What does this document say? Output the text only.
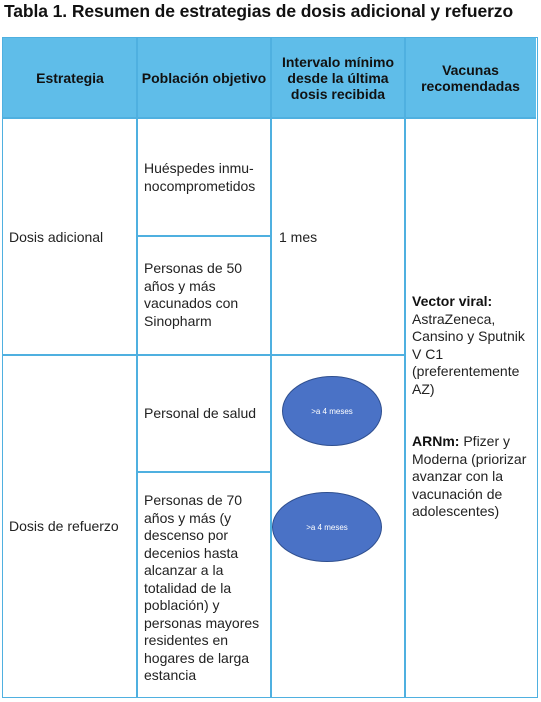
Tabla 1. Resumen de estrategias de dosis adicional y refuerzo
Estrategia	Población objetivo
Intervalo mínimo desde la última dosis recibida
Vacunas recomendadas
Dosis adicional
Huéspedes inmu-nocomprometidos
Personas de 50 años y más vacunados con Sinopharm
1 mes
Dosis de refuerzo
Personal de salud
Personas de 70 años y más (y descenso por decenios hasta alcanzar a la totalidad de la población) y personas mayores residentes en hogares de larga estancia
>a 4 meses
>a 4 meses
Vector viral: AstraZeneca, Cansino y Sputnik V C1 (preferentemente AZ)
ARNm: Pfizer y Moderna (priorizar avanzar con la vacunación de adolescentes)
